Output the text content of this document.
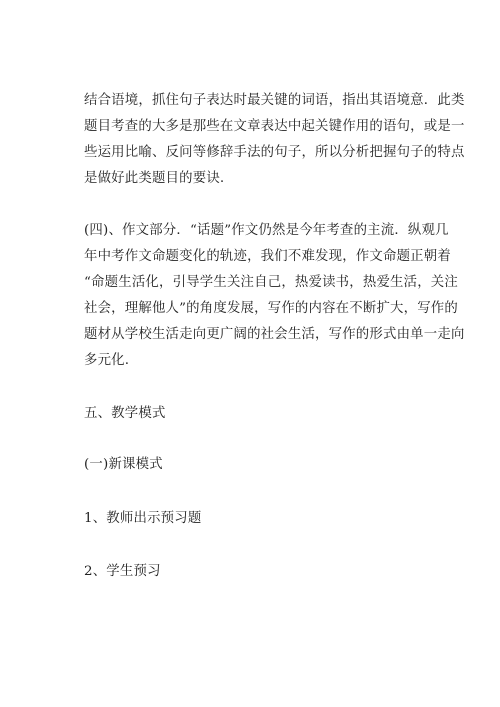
结合语境，抓住句子表达时最关键的词语，指出其语境意．此类
题目考查的大多是那些在文章表达中起关键作用的语句，或是一
些运用比喻、反问等修辞手法的句子，所以分析把握句子的特点
是做好此类题目的要诀.

(四)、作文部分．“话题”作文仍然是今年考查的主流．纵观几
年中考作文命题变化的轨迹，我们不难发现，作文命题正朝着
“命题生活化，引导学生关注自己，热爱读书，热爱生活，关注
社会，理解他人”的角度发展，写作的内容在不断扩大，写作的
题材从学校生活走向更广阔的社会生活，写作的形式由单一走向
多元化.

五、教学模式

(一)新课模式

1、教师出示预习题

2、学生预习
